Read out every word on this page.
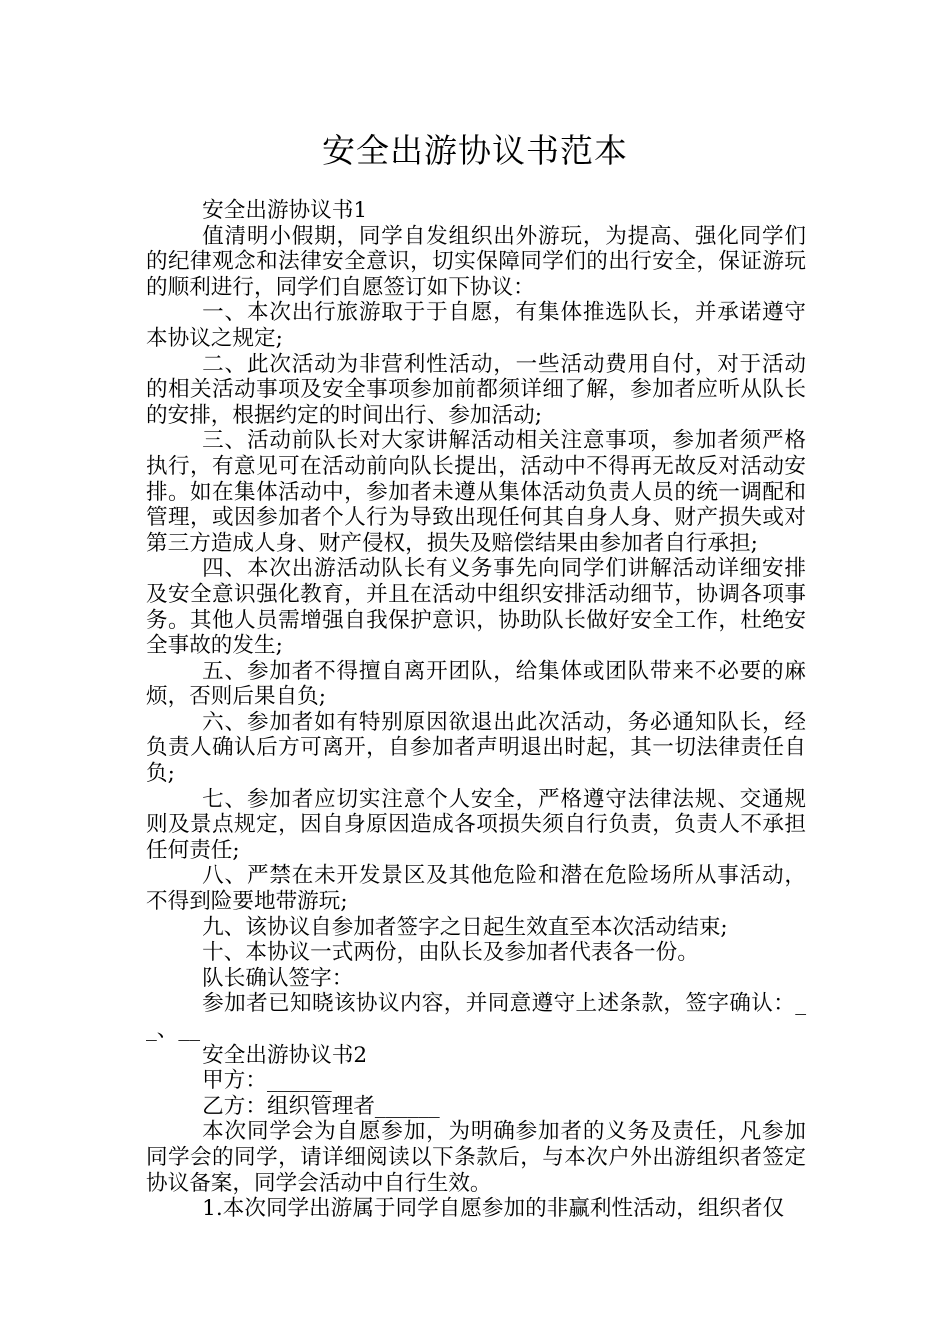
安全出游协议书范本

安全出游协议书1

值清明小假期，同学自发组织出外游玩，为提高、强化同学们的纪律观念和法律安全意识，切实保障同学们的出行安全，保证游玩的顺利进行，同学们自愿签订如下协议：

一、本次出行旅游取于于自愿，有集体推选队长，并承诺遵守本协议之规定;

二、此次活动为非营利性活动，一些活动费用自付，对于活动的相关活动事项及安全事项参加前都须详细了解，参加者应听从队长的安排，根据约定的时间出行、参加活动;

三、活动前队长对大家讲解活动相关注意事项，参加者须严格执行，有意见可在活动前向队长提出，活动中不得再无故反对活动安排。如在集体活动中，参加者未遵从集体活动负责人员的统一调配和管理，或因参加者个人行为导致出现任何其自身人身、财产损失或对第三方造成人身、财产侵权，损失及赔偿结果由参加者自行承担;

四、本次出游活动队长有义务事先向同学们讲解活动详细安排及安全意识强化教育，并且在活动中组织安排活动细节，协调各项事务。其他人员需增强自我保护意识，协助队长做好安全工作，杜绝安全事故的发生;

五、参加者不得擅自离开团队，给集体或团队带来不必要的麻烦，否则后果自负;

六、参加者如有特别原因欲退出此次活动，务必通知队长，经负责人确认后方可离开，自参加者声明退出时起，其一切法律责任自负;

七、参加者应切实注意个人安全，严格遵守法律法规、交通规则及景点规定，因自身原因造成各项损失须自行负责，负责人不承担任何责任;

八、严禁在未开发景区及其他危险和潜在危险场所从事活动，不得到险要地带游玩;

九、该协议自参加者签字之日起生效直至本次活动结束;

十、本协议一式两份，由队长及参加者代表各一份。

队长确认签字：

参加者已知晓该协议内容，并同意遵守上述条款，签字确认：__、__

安全出游协议书2

甲方：______

乙方：组织管理者______

本次同学会为自愿参加，为明确参加者的义务及责任，凡参加同学会的同学，请详细阅读以下条款后，与本次户外出游组织者签定协议备案，同学会活动中自行生效。

1.本次同学出游属于同学自愿参加的非赢利性活动，组织者仅
